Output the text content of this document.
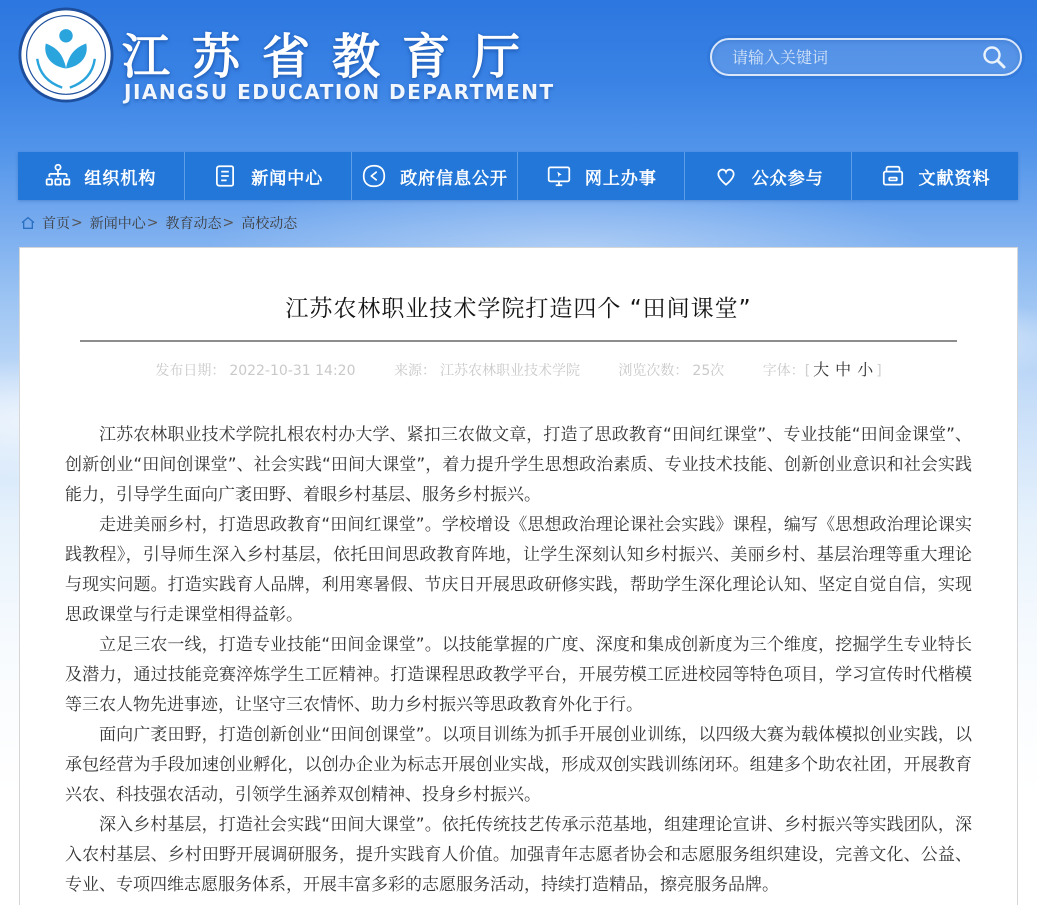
江苏省教育厅
JIANGSU EDUCATION DEPARTMENT
请输入关键词
组织机构	新闻中心	政府信息公开	网上办事	公众参与	文献资料
首页 > 新闻中心 > 教育动态 > 高校动态
江苏农林职业技术学院打造四个 “田间课堂”
发布日期： 2022-10-31 14:20	来源： 江苏农林职业技术学院	浏览次数： 25次	字体：[ 大 中 小 ]

江苏农林职业技术学院扎根农村办大学、紧扣三农做文章，打造了思政教育“田间红课堂”、专业技能“田间金课堂”、创新创业“田间创课堂”、社会实践“田间大课堂”，着力提升学生思想政治素质、专业技术技能、创新创业意识和社会实践能力，引导学生面向广袤田野、着眼乡村基层、服务乡村振兴。

走进美丽乡村，打造思政教育“田间红课堂”。学校增设《思想政治理论课社会实践》课程，编写《思想政治理论课实践教程》，引导师生深入乡村基层，依托田间思政教育阵地，让学生深刻认知乡村振兴、美丽乡村、基层治理等重大理论与现实问题。打造实践育人品牌，利用寒暑假、节庆日开展思政研修实践，帮助学生深化理论认知、坚定自觉自信，实现思政课堂与行走课堂相得益彰。

立足三农一线，打造专业技能“田间金课堂”。以技能掌握的广度、深度和集成创新度为三个维度，挖掘学生专业特长及潜力，通过技能竞赛淬炼学生工匠精神。打造课程思政教学平台，开展劳模工匠进校园等特色项目，学习宣传时代楷模等三农人物先进事迹，让坚守三农情怀、助力乡村振兴等思政教育外化于行。

面向广袤田野，打造创新创业“田间创课堂”。以项目训练为抓手开展创业训练，以四级大赛为载体模拟创业实践，以承包经营为手段加速创业孵化，以创办企业为标志开展创业实战，形成双创实践训练闭环。组建多个助农社团，开展教育兴农、科技强农活动，引领学生涵养双创精神、投身乡村振兴。

深入乡村基层，打造社会实践“田间大课堂”。依托传统技艺传承示范基地，组建理论宣讲、乡村振兴等实践团队，深入农村基层、乡村田野开展调研服务，提升实践育人价值。加强青年志愿者协会和志愿服务组织建设，完善文化、公益、专业、专项四维志愿服务体系，开展丰富多彩的志愿服务活动，持续打造精品，擦亮服务品牌。
